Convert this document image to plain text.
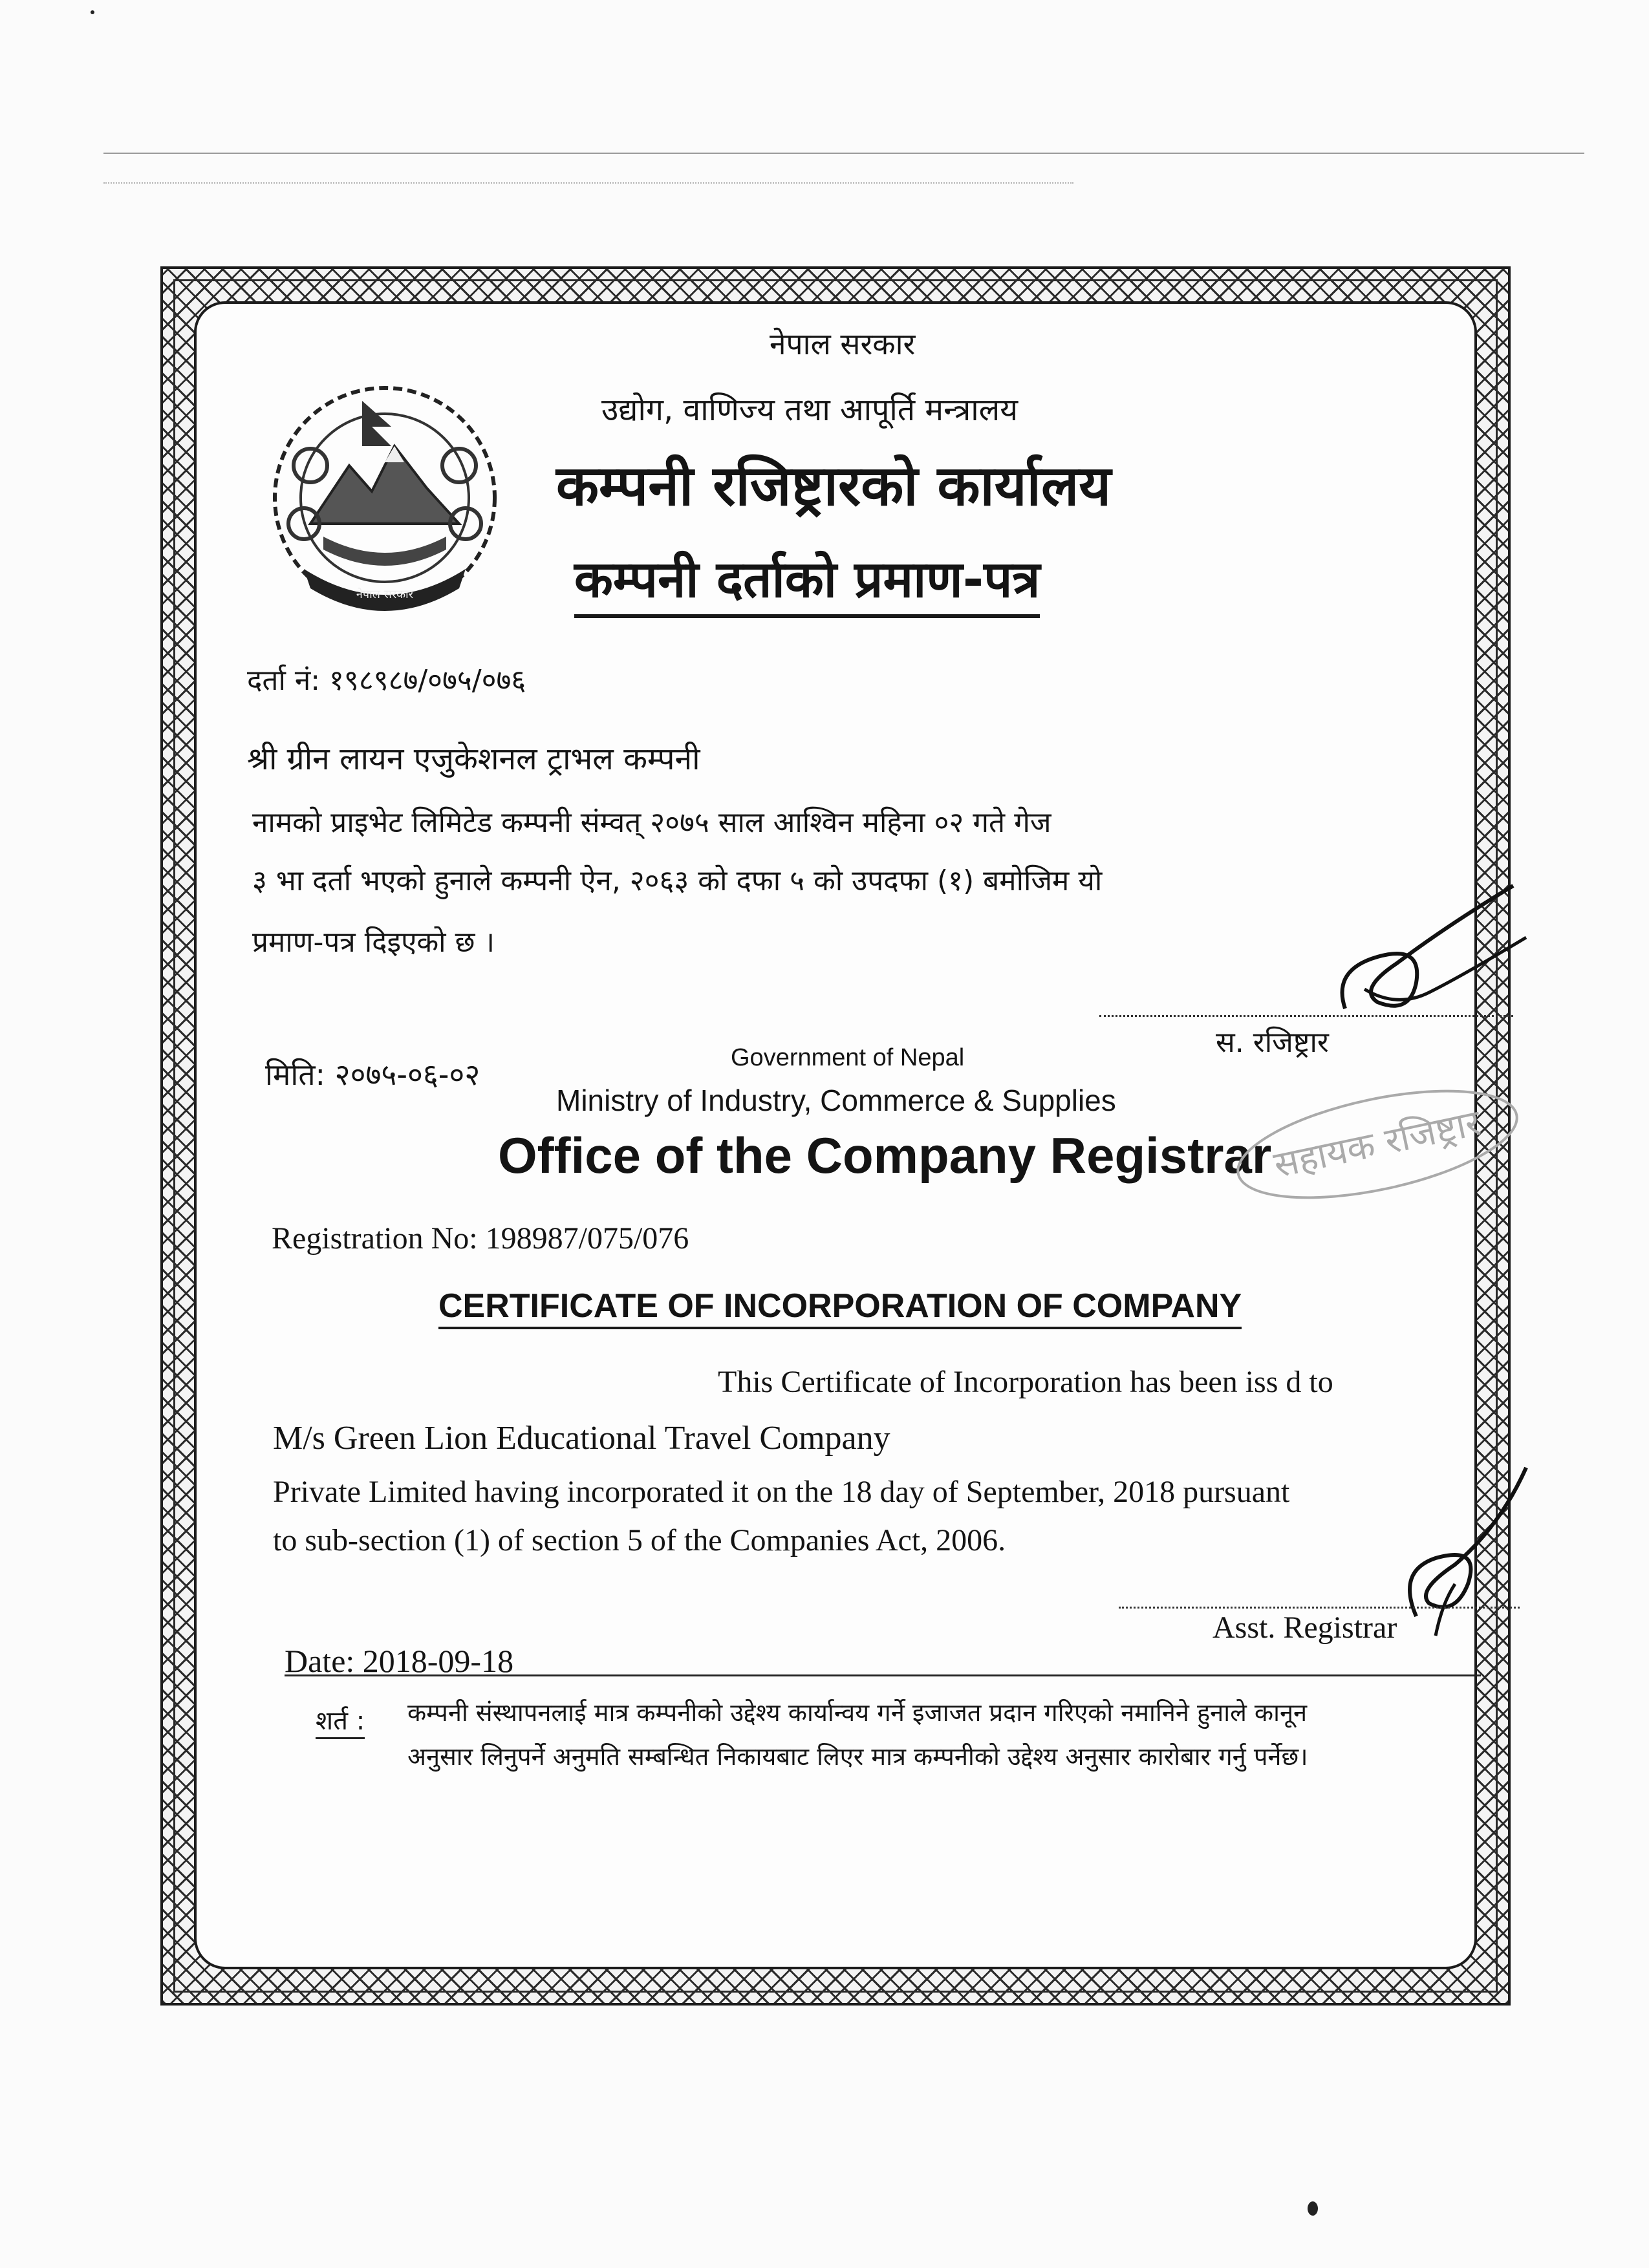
नेपाल सरकार
नेपाल सरकार
उद्योग, वाणिज्य तथा आपूर्ति मन्त्रालय
कम्पनी रजिष्ट्रारको कार्यालय
कम्पनी दर्ताको प्रमाण-पत्र
दर्ता नं: १९८९८७/०७५/०७६
श्री ग्रीन लायन एजुकेशनल ट्राभल कम्पनी
नामको प्राइभेट लिमिटेड कम्पनी संम्वत् २०७५ साल आश्विन महिना ०२ गते गेज
३ भा दर्ता भएको हुनाले कम्पनी ऐन, २०६३ को दफा ५ को उपदफा (१) बमोजिम यो
प्रमाण-पत्र दिइएको छ ।
स. रजिष्ट्रार
मिति: २०७५-०६-०२	Government of Nepal
Ministry of Industry, Commerce & Supplies
Office of the Company Registrar
सहायक रजिष्ट्रार
Registration No: 198987/075/076
CERTIFICATE OF INCORPORATION OF COMPANY
This Certificate of Incorporation has been iss d to
M/s Green Lion Educational Travel Company
Private Limited having incorporated it on the 18 day of September, 2018 pursuant
to sub-section (1) of section 5 of the Companies Act, 2006.
Asst. Registrar
Date: 2018-09-18
शर्त : कम्पनी संस्थापनलाई मात्र कम्पनीको उद्देश्य कार्यान्वय गर्ने इजाजत प्रदान गरिएको नमानिने हुनाले कानून
अनुसार लिनुपर्ने अनुमति सम्बन्धित निकायबाट लिएर मात्र कम्पनीको उद्देश्य अनुसार कारोबार गर्नु पर्नेछ।
